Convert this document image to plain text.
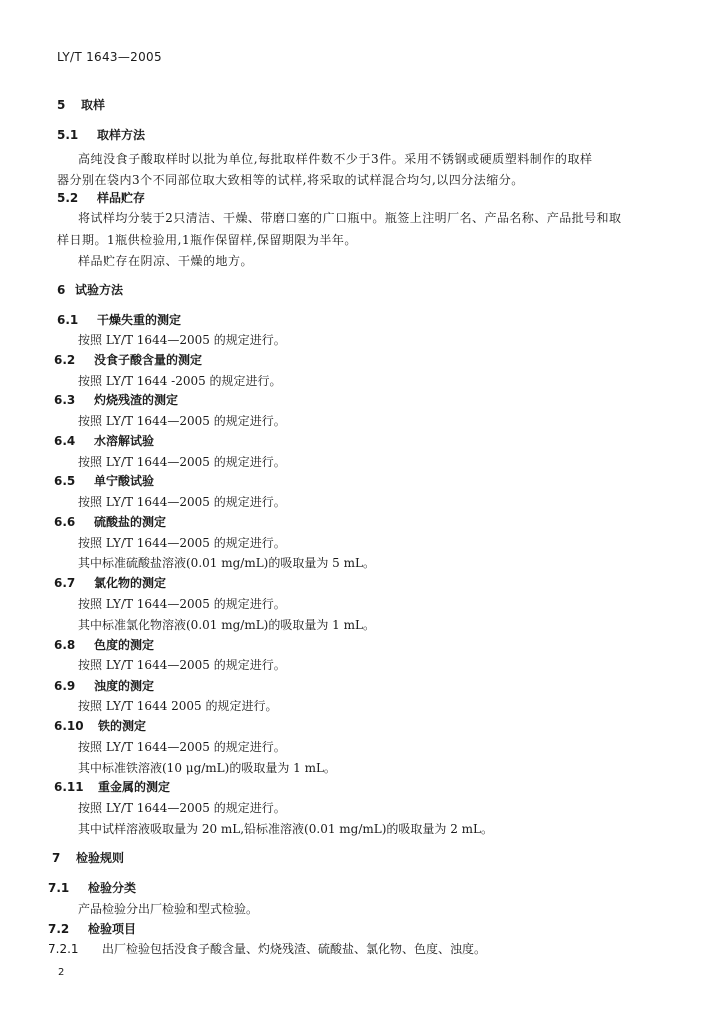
LY/T 1643—2005
5 取样
5.1 取样方法
高纯没食子酸取样时以批为单位,每批取样件数不少于3件。采用不锈钢或硬质塑料制作的取样
器分别在袋内3个不同部位取大致相等的试样,将采取的试样混合均匀,以四分法缩分。
5.2 样品贮存
将试样均分装于2只清洁、干燥、带磨口塞的广口瓶中。瓶签上注明厂名、产品名称、产品批号和取
样日期。1瓶供检验用,1瓶作保留样,保留期限为半年。
样品贮存在阴凉、干燥的地方。
6 试验方法
6.1 干燥失重的测定
按照 LY/T 1644—2005 的规定进行。
6.2 没食子酸含量的测定
按照 LY/T 1644 -2005 的规定进行。
6.3 灼烧残渣的测定
按照 LY/T 1644—2005 的规定进行。
6.4 水溶解试验
按照 LY/T 1644—2005 的规定进行。
6.5 单宁酸试验
按照 LY/T 1644—2005 的规定进行。
6.6 硫酸盐的测定
按照 LY/T 1644—2005 的规定进行。
其中标准硫酸盐溶液(0.01 mg/mL)的吸取量为 5 mL。
6.7 氯化物的测定
按照 LY/T 1644—2005 的规定进行。
其中标准氯化物溶液(0.01 mg/mL)的吸取量为 1 mL。
6.8 色度的测定
按照 LY/T 1644—2005 的规定进行。
6.9 浊度的测定
按照 LY/T 1644 2005 的规定进行。
6.10 铁的测定
按照 LY/T 1644—2005 的规定进行。
其中标准铁溶液(10 μg/mL)的吸取量为 1 mL。
6.11 重金属的测定
按照 LY/T 1644—2005 的规定进行。
其中试样溶液吸取量为 20 mL,铅标准溶液(0.01 mg/mL)的吸取量为 2 mL。
7 检验规则
7.1 检验分类
产品检验分出厂检验和型式检验。
7.2 检验项目
7.2.1 出厂检验包括没食子酸含量、灼烧残渣、硫酸盐、氯化物、色度、浊度。
2
